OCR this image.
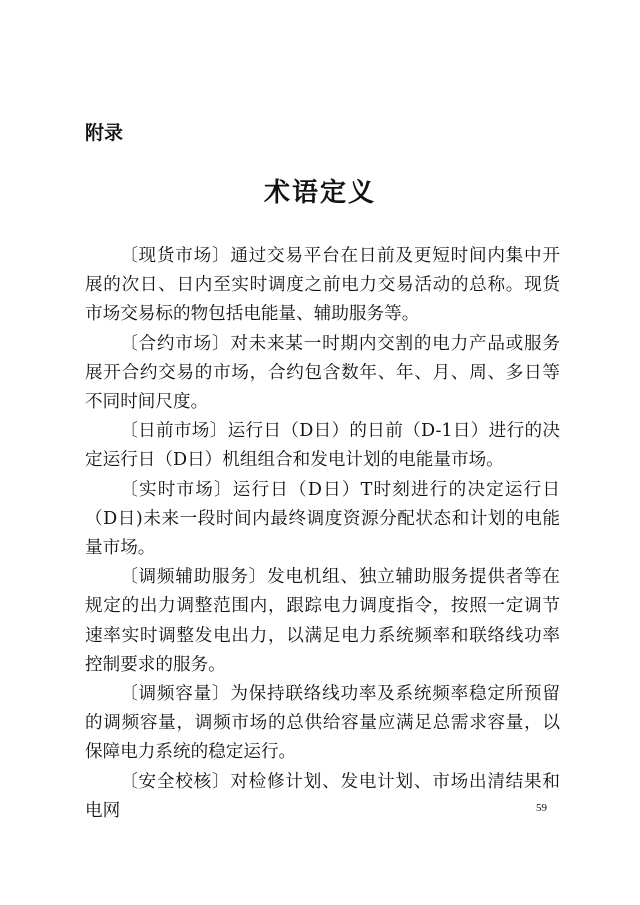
附录

术语定义

〔现货市场〕通过交易平台在日前及更短时间内集中开展的次日、日内至实时调度之前电力交易活动的总称。现货市场交易标的物包括电能量、辅助服务等。

〔合约市场〕对未来某一时期内交割的电力产品或服务展开合约交易的市场，合约包含数年、年、月、周、多日等不同时间尺度。

〔日前市场〕运行日（D日）的日前（D-1日）进行的决定运行日（D日）机组组合和发电计划的电能量市场。

〔实时市场〕运行日（D日）T时刻进行的决定运行日（D日)未来一段时间内最终调度资源分配状态和计划的电能量市场。

〔调频辅助服务〕发电机组、独立辅助服务提供者等在规定的出力调整范围内，跟踪电力调度指令，按照一定调节速率实时调整发电出力，以满足电力系统频率和联络线功率控制要求的服务。

〔调频容量〕为保持联络线功率及系统频率稳定所预留的调频容量，调频市场的总供给容量应满足总需求容量，以保障电力系统的稳定运行。

〔安全校核〕对检修计划、发电计划、市场出清结果和电网	59
